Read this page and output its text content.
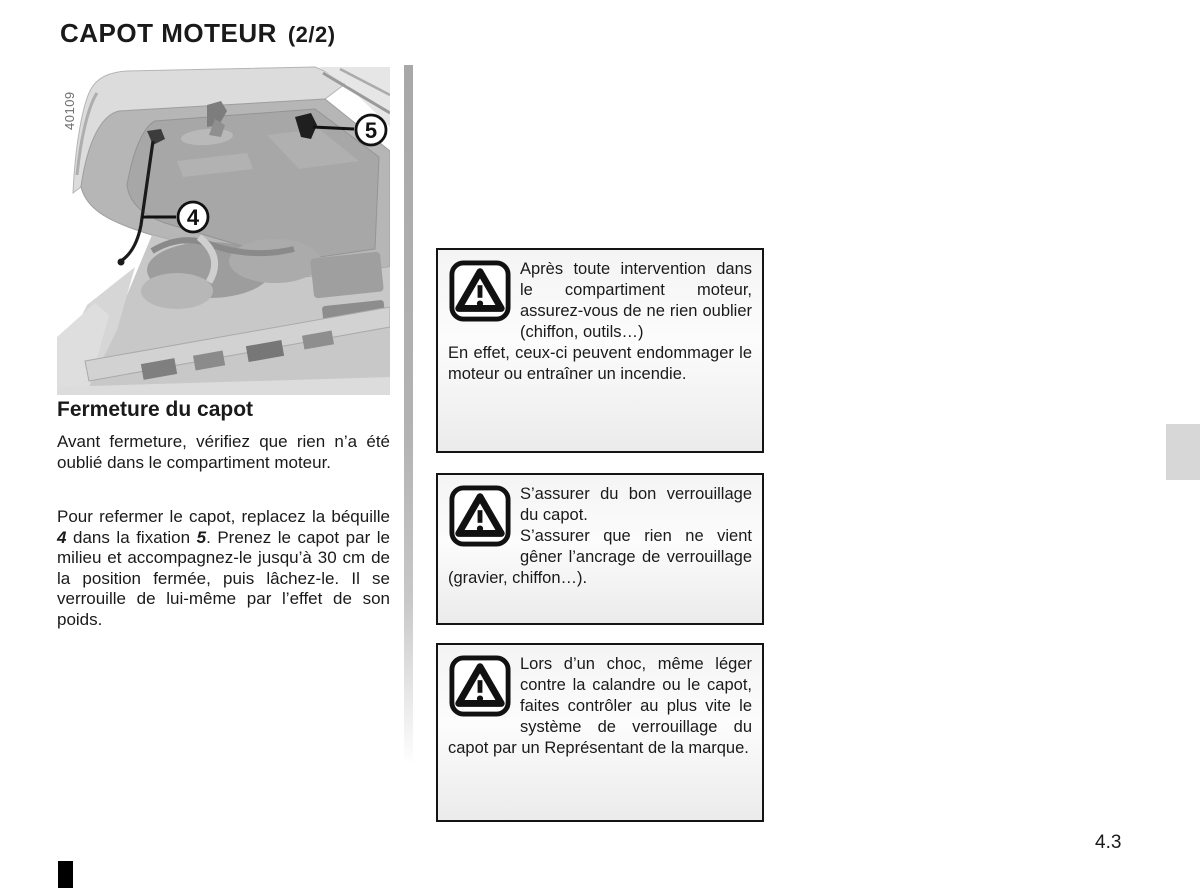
CAPOT MOTEUR (2/2)
5
4
40109
Fermeture du capot
Avant fermeture, vérifiez que rien n’a été oublié dans le compartiment moteur.
Pour refermer le capot, replacez la béquille 4 dans la fixation 5. Prenez le capot par le milieu et accompagnez-le jusqu’à 30 cm de la position fermée, puis lâchez-le. Il se verrouille de lui-même par l’effet de son poids.

Après toute intervention dans le compartiment moteur, assurez-vous de ne rien oublier (chiffon, outils…)

En effet, ceux-ci peuvent endommager le moteur ou entraîner un incendie.

S’assurer du bon verrouillage du capot.

S’assurer que rien ne vient gêner l’ancrage de verrouillage (gravier, chiffon…).

Lors d’un choc, même léger contre la calandre ou le capot, faites contrôler au plus vite le système de verrouillage du capot par un Représentant de la marque.

4.3
